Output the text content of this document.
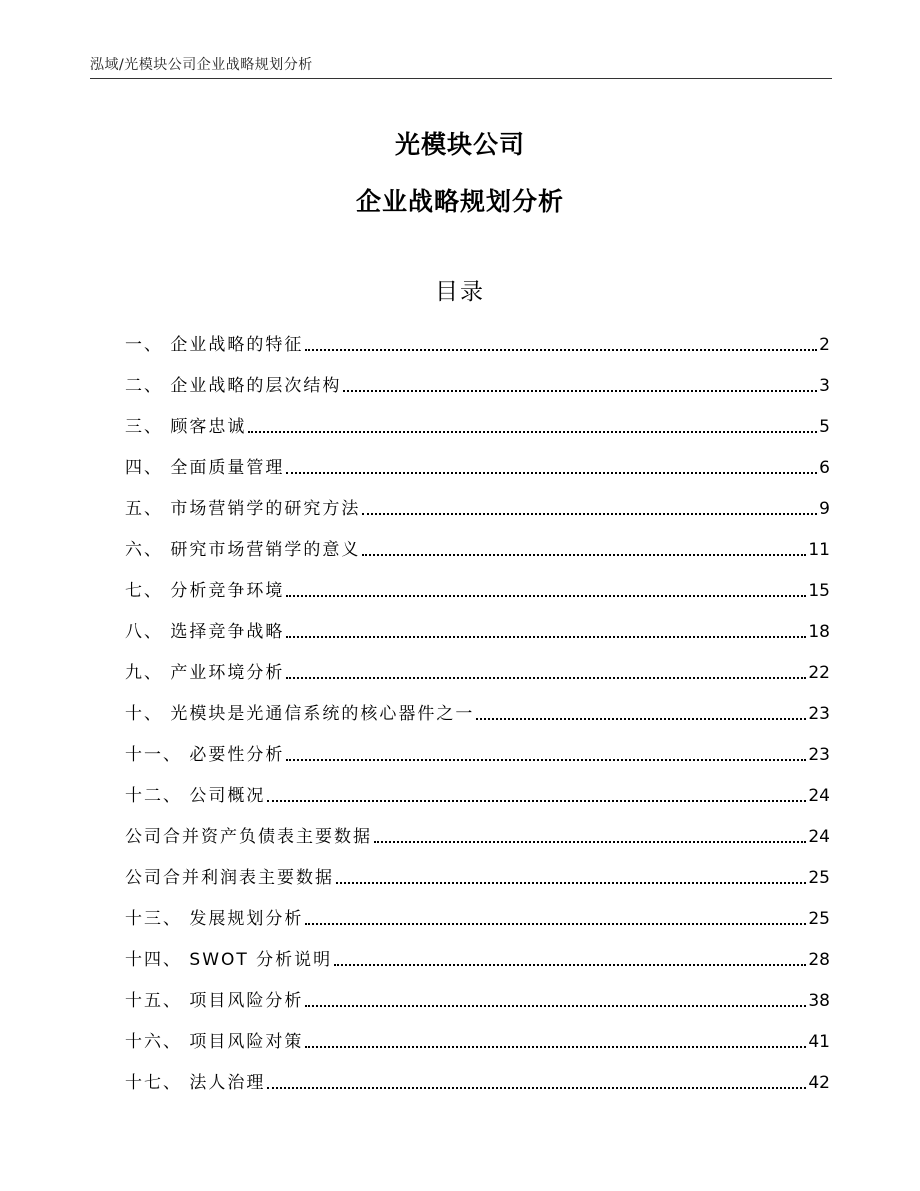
泓域/光模块公司企业战略规划分析
光模块公司
企业战略规划分析
目录
一、 企业战略的特征	2
二、 企业战略的层次结构	3
三、 顾客忠诚	5
四、 全面质量管理	6
五、 市场营销学的研究方法	9
六、 研究市场营销学的意义	11
七、 分析竞争环境	15
八、 选择竞争战略	18
九、 产业环境分析	22
十、 光模块是光通信系统的核心器件之一	23
十一、 必要性分析	23
十二、 公司概况	24
公司合并资产负债表主要数据	24
公司合并利润表主要数据	25
十三、 发展规划分析	25
十四、 SWOT 分析说明	28
十五、 项目风险分析	38
十六、 项目风险对策	41
十七、 法人治理	42
